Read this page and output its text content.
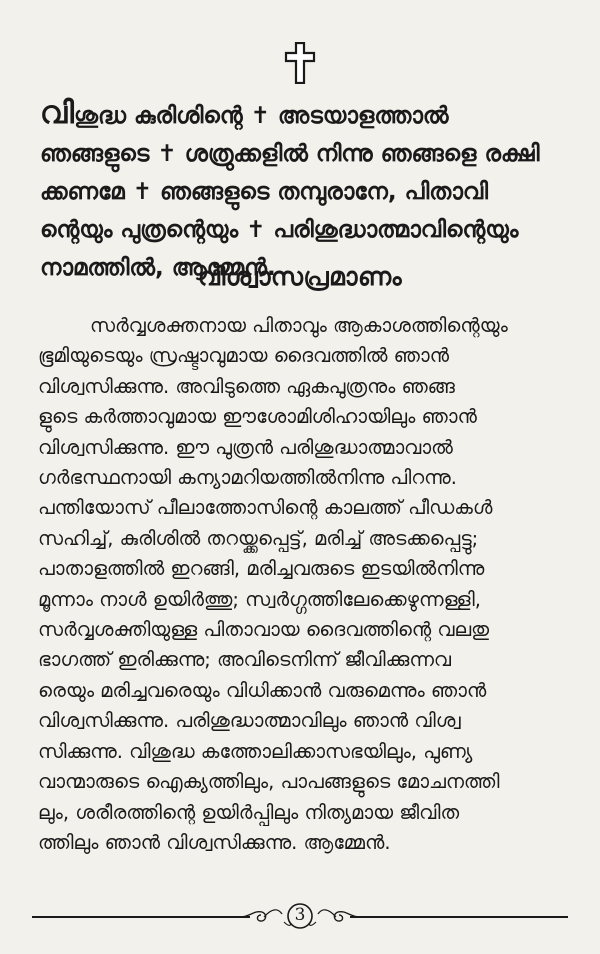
വിശുദ്ധ കുരിശിന്റെ ✝ അടയാളത്താൽ
ഞങ്ങളുടെ ✝ ശത്രുക്കളിൽ നിന്നു ഞങ്ങളെ രക്ഷി
ക്കണമേ ✝ ഞങ്ങളുടെ തമ്പുരാനേ, പിതാവി
ന്റെയും പുത്രന്റെയും ✝ പരിശുദ്ധാത്മാവിന്റെയും
നാമത്തിൽ, ആമ്മേൻ.
വിശ്വാസപ്രമാണം
സർവ്വശക്തനായ പിതാവും ആകാശത്തിന്റെയും
ഭൂമിയുടെയും സ്രഷ്ടാവുമായ ദൈവത്തിൽ ഞാൻ
വിശ്വസിക്കുന്നു. അവിടുത്തെ ഏകപുത്രനും ഞങ്ങ
ളുടെ കർത്താവുമായ ഈശോമിശിഹായിലും ഞാൻ
വിശ്വസിക്കുന്നു. ഈ പുത്രൻ പരിശുദ്ധാത്മാവാൽ
ഗർഭസ്ഥനായി കന്യാമറിയത്തിൽനിന്നു പിറന്നു.
പന്തിയോസ് പീലാത്തോസിന്റെ കാലത്ത് പീഡകൾ
സഹിച്ച്, കുരിശിൽ തറയ്ക്കപ്പെട്ട്, മരിച്ച് അടക്കപ്പെട്ടു;
പാതാളത്തിൽ ഇറങ്ങി, മരിച്ചവരുടെ ഇടയിൽനിന്നു
മൂന്നാം നാൾ ഉയിർത്തു; സ്വർഗ്ഗത്തിലേക്കെഴുന്നള്ളി,
സർവ്വശക്തിയുള്ള പിതാവായ ദൈവത്തിന്റെ വലതു
ഭാഗത്ത് ഇരിക്കുന്നു; അവിടെനിന്ന് ജീവിക്കുന്നവ
രെയും മരിച്ചവരെയും വിധിക്കാൻ വരുമെന്നും ഞാൻ
വിശ്വസിക്കുന്നു. പരിശുദ്ധാത്മാവിലും ഞാൻ വിശ്വ
സിക്കുന്നു. വിശുദ്ധ കത്തോലിക്കാസഭയിലും, പുണ്യ
വാന്മാരുടെ ഐക്യത്തിലും, പാപങ്ങളുടെ മോചനത്തി
ലും, ശരീരത്തിന്റെ ഉയിർപ്പിലും നിത്യമായ ജീവിത
ത്തിലും ഞാൻ വിശ്വസിക്കുന്നു. ആമ്മേൻ.
3
